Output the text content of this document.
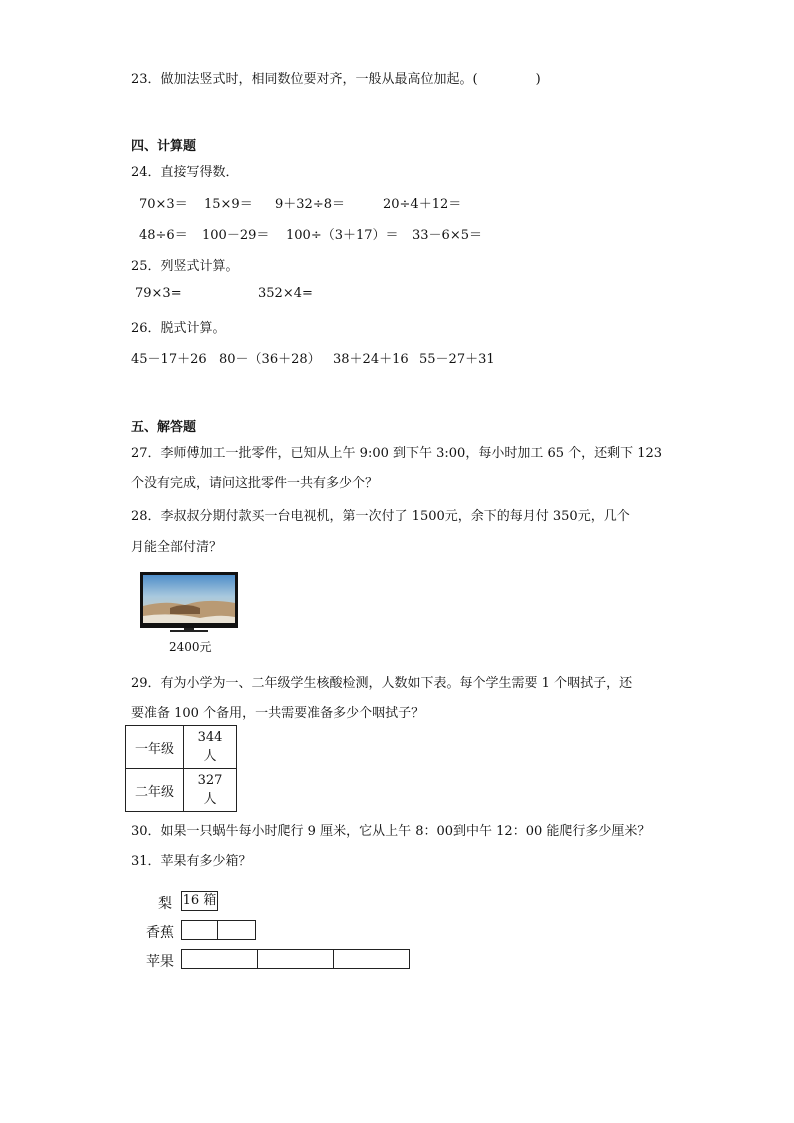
23．做加法竖式时，相同数位要对齐，一般从最高位加起。(	)
四、计算题
24．直接写得数．
70×3＝ 15×9＝ 9＋32÷8＝	20÷4＋12＝
48÷6＝ 100－29＝ 100÷（3＋17）＝ 33－6×5＝
25．列竖式计算。
79×3=	352×4=
26．脱式计算。
45－17＋26 80－（36＋28） 38＋24＋16 55－27＋31
五、解答题
27．李师傅加工一批零件，已知从上午 9:00 到下午 3:00，每小时加工 65 个，还剩下 123
个没有完成，请问这批零件一共有多少个？
28．李叔叔分期付款买一台电视机，第一次付了 1500元，余下的每月付 350元，几个
月能全部付清？
2400元
29．有为小学为一、二年级学生核酸检测，人数如下表。每个学生需要 1 个咽拭子，还
要准备 100 个备用，一共需要准备多少个咽拭子？
一年级	344 人
二年级	327 人
30．如果一只蜗牛每小时爬行 9 厘米，它从上午 8：00到中午 12：00 能爬行多少厘米？
31．苹果有多少箱？
梨 16 箱
香蕉
苹果
